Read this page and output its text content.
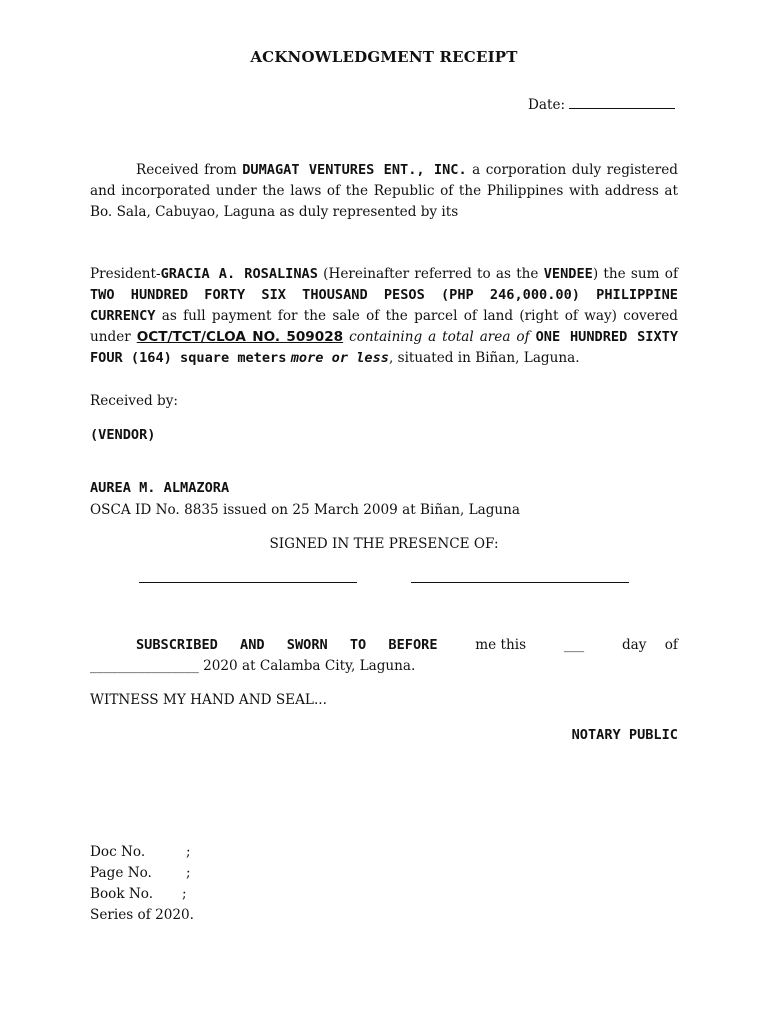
ACKNOWLEDGMENT RECEIPT
Date:
Received from DUMAGAT VENTURES ENT., INC. a corporation duly registered and incorporated under the laws of the Republic of the Philippines with address at Bo. Sala, Cabuyao, Laguna as duly represented by its
President-GRACIA A. ROSALINAS (Hereinafter referred to as the VENDEE) the sum of TWO HUNDRED FORTY SIX THOUSAND PESOS (PHP 246,000.00) PHILIPPINE CURRENCY as full payment for the sale of the parcel of land (right of way) covered under OCT/TCT/CLOA NO. 509028 containing a total area of ONE HUNDRED SIXTY FOUR (164) square meters more or less, situated in Biñan, Laguna.
Received by:
(VENDOR)
AUREA M. ALMAZORA
OSCA ID No. 8835 issued on 25 March 2009 at Biñan, Laguna
SIGNED IN THE PRESENCE OF:
SUBSCRIBED AND SWORN TO BEFORE	me this	___	day of
________________ 2020 at Calamba City, Laguna.
WITNESS MY HAND AND SEAL...
NOTARY PUBLIC
Doc No.	;
Page No.	;
Book No. ;
Series of 2020.
